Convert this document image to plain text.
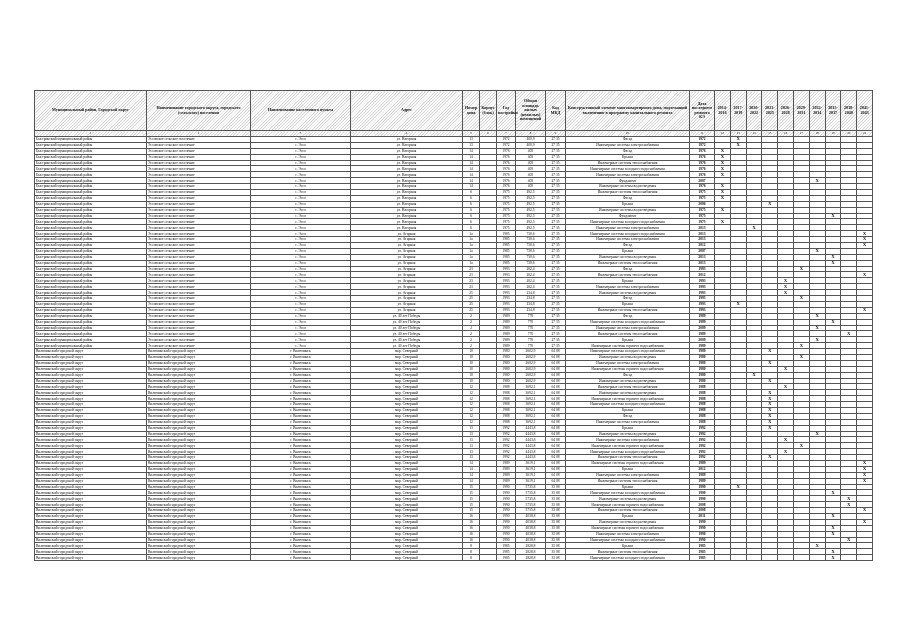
Муниципальный район, Городской округ	Наименование городского округа, городского (сельского) поселения	Наименование населенного пункта	Адрес	Номер дома	Корпус (блок)	Год постройки	Общая площадь жилых (нежилых) помещений	Код МКД	Конструктивный элемент многоквартирного дома, подлежащий включению в программу капитального ремонта	Дата последнего ремонта КЭ	2014-2016	2017-2019	2020-2022	2023-2025	2026-2028	2029-2031	2032-2034	2035-2037	2038-2040	2041-2043
1	2	3	4	5	6	7	8	9	10	11	12	13	14	15	16	17	18	19	20	21
Быстринский муниципальный район	Эссовское сельское поселение	с. Эссо	ул. Нагорная	13		1972	400,9	27 35	Фасад	1972		X								
Быстринский муниципальный район	Эссовское сельское поселение	с. Эссо	ул. Нагорная	13		1972	400,9	27 35	Инженерные системы электроснабжения	1972		X								
Быстринский муниципальный район	Эссовское сельское поселение	с. Эссо	ул. Нагорная	14		1976	405	27 35	Фасад	1976	X									
Быстринский муниципальный район	Эссовское сельское поселение	с. Эссо	ул. Нагорная	14		1976	405	27 35	Крыша	1976	X									
Быстринский муниципальный район	Эссовское сельское поселение	с. Эссо	ул. Нагорная	14		1976	405	27 35	Инженерные системы теплоснабжения	1976	X									
Быстринский муниципальный район	Эссовское сельское поселение	с. Эссо	ул. Нагорная	14		1976	405	27 35	Инженерные системы холодного водоснабжения	1976	X									
Быстринский муниципальный район	Эссовское сельское поселение	с. Эссо	ул. Нагорная	14		1976	405	27 35	Инженерные системы электроснабжения	1976	X									
Быстринский муниципальный район	Эссовское сельское поселение	с. Эссо	ул. Нагорная	14		1976	405	27 35	Фундамент	2007							X			
Быстринский муниципальный район	Эссовское сельское поселение	с. Эссо	ул. Нагорная	14		1976	405	27 35	Инженерные системы водоотведения	1976	X									
Быстринский муниципальный район	Эссовское сельское поселение	с. Эссо	ул. Нагорная	6		1975	492,5	27 35	Инженерные системы теплоснабжения	1975	X									
Быстринский муниципальный район	Эссовское сельское поселение	с. Эссо	ул. Нагорная	6		1975	492,5	27 35	Фасад	1975	X									
Быстринский муниципальный район	Эссовское сельское поселение	с. Эссо	ул. Нагорная	6		1975	492,5	27 35	Крыша	2006				X						
Быстринский муниципальный район	Эссовское сельское поселение	с. Эссо	ул. Нагорная	6		1975	492,5	27 35	Инженерные системы водоотведения	1975	X									
Быстринский муниципальный район	Эссовское сельское поселение	с. Эссо	ул. Нагорная	6		1975	492,5	27 35	Фундамент	1975								X		
Быстринский муниципальный район	Эссовское сельское поселение	с. Эссо	ул. Нагорная	6		1975	492,5	27 35	Инженерные системы холодного водоснабжения	1975	X									
Быстринский муниципальный район	Эссовское сельское поселение	с. Эссо	ул. Нагорная	6		1975	492,5	27 35	Инженерные системы электроснабжения	2013			X							
Быстринский муниципальный район	Эссовское сельское поселение	с. Эссо	ул. Агарная	1а		1985	730,6	27 35	Инженерные системы холодного водоснабжения	2013										X
Быстринский муниципальный район	Эссовское сельское поселение	с. Эссо	ул. Агарная	1а		1985	730,6	27 35	Инженерные системы электроснабжения	2013										X
Быстринский муниципальный район	Эссовское сельское поселение	с. Эссо	ул. Агарная	1а		1985	730,6	27 35	Фасад	2012										X
Быстринский муниципальный район	Эссовское сельское поселение	с. Эссо	ул. Агарная	1а		1985	730,6	27 35	Крыша	2007							X			
Быстринский муниципальный район	Эссовское сельское поселение	с. Эссо	ул. Агарная	1а		1985	730,6	27 35	Инженерные системы водоотведения	2013								X		
Быстринский муниципальный район	Эссовское сельское поселение	с. Эссо	ул. Агарная	1а		1985	730,6	27 35	Инженерные системы теплоснабжения	2013								X		
Быстринский муниципальный район	Эссовское сельское поселение	с. Эссо	ул. Агарная	23		1993	202,4	27 35	Фасад	1993						X				
Быстринский муниципальный район	Эссовское сельское поселение	с. Эссо	ул. Агарная	23		1993	202,4	27 35	Инженерные системы теплоснабжения	2012										X
Быстринский муниципальный район	Эссовское сельское поселение	с. Эссо	ул. Агарная	23		1993	202,4	27 35	Крыша	1993					X					
Быстринский муниципальный район	Эссовское сельское поселение	с. Эссо	ул. Агарная	23		1993	202,4	27 35	Инженерные системы электроснабжения	1993					X					
Быстринский муниципальный район	Эссовское сельское поселение	с. Эссо	ул. Агарная	25		1993	234,8	27 35	Инженерные системы водоотведения	1993					X					
Быстринский муниципальный район	Эссовское сельское поселение	с. Эссо	ул. Агарная	25		1993	234,8	27 35	Фасад	1993						X				
Быстринский муниципальный район	Эссовское сельское поселение	с. Эссо	ул. Агарная	25		1993	234,8	27 35	Крыша	1993		X								
Быстринский муниципальный район	Эссовское сельское поселение	с. Эссо	ул. Агарная	25		1993	234,8	27 35	Инженерные системы теплоснабжения	1993										X
Быстринский муниципальный район	Эссовское сельское поселение	с. Эссо	ул. 40 лет Победы	2		1989	770	27 35	Фасад	1989							X			
Быстринский муниципальный район	Эссовское сельское поселение	с. Эссо	ул. 40 лет Победы	2		1989	770	27 35	Инженерные системы холодного водоснабжения	1989								X		
Быстринский муниципальный район	Эссовское сельское поселение	с. Эссо	ул. 40 лет Победы	2		1989	770	27 35	Инженерные системы электроснабжения	2009							X			
Быстринский муниципальный район	Эссовское сельское поселение	с. Эссо	ул. 40 лет Победы	2		1989	770	27 35	Инженерные системы теплоснабжения	1989									X	
Быстринский муниципальный район	Эссовское сельское поселение	с. Эссо	ул. 40 лет Победы	2		1989	770	27 35	Крыша	2009							X			
Быстринский муниципальный район	Эссовское сельское поселение	с. Эссо	ул. 40 лет Победы	2		1989	770	27 35	Инженерные системы горячего водоснабжения	1989						X				
Вилючинский городской округ	Вилючинский городской округ	г. Вилючинск	мкр. Северный	10		1980	2602,9	64 08	Инженерные системы холодного водоснабжения	1980				X						
Вилючинский городской округ	Вилючинский городской округ	г. Вилючинск	мкр. Северный	10		1980	2602,9	64 08	Инженерные системы водоотведения	1980						X				
Вилючинский городской округ	Вилючинский городской округ	г. Вилючинск	мкр. Северный	10		1980	2602,9	64 08	Инженерные системы электроснабжения	1980				X						
Вилючинский городской округ	Вилючинский городской округ	г. Вилючинск	мкр. Северный	10		1980	2602,9	64 08	Инженерные системы горячего водоснабжения	1980					X					
Вилючинский городской округ	Вилючинский городской округ	г. Вилючинск	мкр. Северный	10		1980	2602,9	64 08	Фасад	1980			X							
Вилючинский городской округ	Вилючинский городской округ	г. Вилючинск	мкр. Северный	10		1980	2602,9	64 08	Инженерные системы водоотведения	1980				X						
Вилючинский городской округ	Вилючинский городской округ	г. Вилючинск	мкр. Северный	12		1988	3692,1	64 08	Инженерные системы теплоснабжения	1988					X					
Вилючинский городской округ	Вилючинский городской округ	г. Вилючинск	мкр. Северный	12		1988	3692,1	64 08	Инженерные системы водоотведения	1988				X						
Вилючинский городской округ	Вилючинский городской округ	г. Вилючинск	мкр. Северный	12		1988	3692,1	64 08	Инженерные системы горячего водоснабжения	1988				X						
Вилючинский городской округ	Вилючинский городской округ	г. Вилючинск	мкр. Северный	12		1988	3692,1	64 08	Инженерные системы холодного водоснабжения	1988				X						
Вилючинский городской округ	Вилючинский городской округ	г. Вилючинск	мкр. Северный	12		1988	3692,1	64 08	Крыша	1988				X						
Вилючинский городской округ	Вилючинский городской округ	г. Вилючинск	мкр. Северный	12		1988	3692,1	64 08	Фасад	1988				X						
Вилючинский городской округ	Вилючинский городской округ	г. Вилючинск	мкр. Северный	12		1988	3692,1	64 08	Инженерные системы электроснабжения	1988				X						
Вилючинский городской округ	Вилючинский городской округ	г. Вилючинск	мкр. Северный	13		1992	4443,8	64 08	Крыша	1992				X						
Вилючинский городской округ	Вилючинский городской округ	г. Вилючинск	мкр. Северный	13		1992	4443,8	64 08	Инженерные системы водоотведения	1992							X			
Вилючинский городской округ	Вилючинский городской округ	г. Вилючинск	мкр. Северный	13		1992	4443,8	64 08	Инженерные системы электроснабжения	1992					X					
Вилючинский городской округ	Вилючинский городской округ	г. Вилючинск	мкр. Северный	13		1992	4443,8	64 08	Инженерные системы горячего водоснабжения	1992						X				
Вилючинский городской округ	Вилючинский городской округ	г. Вилючинск	мкр. Северный	13		1992	4443,8	64 08	Инженерные системы холодного водоснабжения	1992					X					
Вилючинский городской округ	Вилючинский городской округ	г. Вилючинск	мкр. Северный	13		1992	4443,8	64 08	Инженерные системы теплоснабжения	1992				X						
Вилючинский городской округ	Вилючинский городской округ	г. Вилючинск	мкр. Северный	14		1989	3619,1	64 08	Инженерные системы горячего водоснабжения	1989										X
Вилючинский городской округ	Вилючинский городской округ	г. Вилючинск	мкр. Северный	14		1989	3619,1	64 08	Крыша	2012										X
Вилючинский городской округ	Вилючинский городской округ	г. Вилючинск	мкр. Северный	14		1989	3619,1	64 08	Инженерные системы электроснабжения	1989										X
Вилючинский городской округ	Вилючинский городской округ	г. Вилючинск	мкр. Северный	14		1989	3619,1	64 08	Инженерные системы теплоснабжения	1989										X
Вилючинский городской округ	Вилючинский городской округ	г. Вилючинск	мкр. Северный	15		1990	5735,8	35 08	Крыша	1990		X								
Вилючинский городской округ	Вилючинский городской округ	г. Вилючинск	мкр. Северный	15		1990	5735,8	35 08	Инженерные системы холодного водоснабжения	1990								X		
Вилючинский городской округ	Вилючинский городской округ	г. Вилючинск	мкр. Северный	15		1990	5735,8	35 08	Инженерные системы водоотведения	1990									X	
Вилючинский городской округ	Вилючинский городской округ	г. Вилючинск	мкр. Северный	15		1990	5735,8	35 08	Инженерные системы горячего водоснабжения	2008									X	
Вилючинский городской округ	Вилючинский городской округ	г. Вилючинск	мкр. Северный	15		1990	5735,8	35 08	Инженерные системы теплоснабжения	2008										X
Вилючинский городской округ	Вилючинский городской округ	г. Вилючинск	мкр. Северный	16		1990	4038,8	35 08	Крыша	2011								X		
Вилючинский городской округ	Вилючинский городской округ	г. Вилючинск	мкр. Северный	16		1990	4038,8	35 08	Инженерные системы водоотведения	1990										X
Вилючинский городской округ	Вилючинский городской округ	г. Вилючинск	мкр. Северный	16		1990	4038,8	35 08	Инженерные системы горячего водоснабжения	1990								X		
Вилючинский городской округ	Вилючинский городской округ	г. Вилючинск	мкр. Северный	16		1990	4038,8	35 08	Инженерные системы электроснабжения	1990								X		
Вилючинский городской округ	Вилючинский городской округ	г. Вилючинск	мкр. Северный	16		1990	4038,8	35 08	Инженерные системы холодного водоснабжения	1990									X	
Вилючинский городской округ	Вилючинский городской округ	г. Вилючинск	мкр. Северный	8		1985	2828,8	35 08	Крыша	1985							X			
Вилючинский городской округ	Вилючинский городской округ	г. Вилючинск	мкр. Северный	8		1985	2828,8	35 08	Инженерные системы теплоснабжения	1985								X		
Вилючинский городской округ	Вилючинский городской округ	г. Вилючинск	мкр. Северный	8		1985	2828,8	35 08	Инженерные системы холодного водоснабжения	1985								X		
